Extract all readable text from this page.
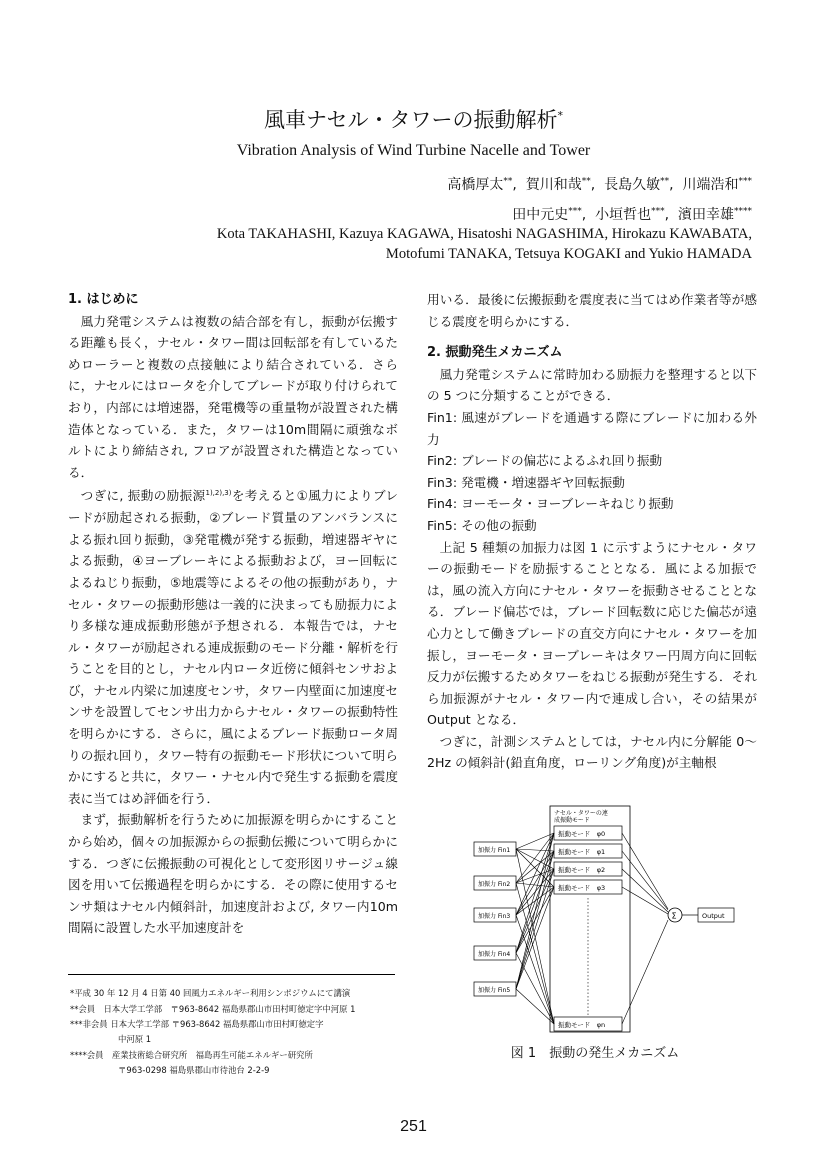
風車ナセル・タワーの振動解析*
Vibration Analysis of Wind Turbine Nacelle and Tower
高橋厚太**,  賀川和哉**,  長島久敏**,  川端浩和***
田中元史***,  小垣哲也***,  濱田幸雄****
Kota TAKAHASHI, Kazuya KAGAWA, Hisatoshi NAGASHIMA, Hirokazu KAWABATA,
Motofumi TANAKA, Tetsuya KOGAKI and Yukio HAMADA
1. はじめに

風力発電システムは複数の結合部を有し，振動が伝搬する距離も長く，ナセル・タワー間は回転部を有しているためローラーと複数の点接触により結合されている．さらに，ナセルにはロータを介してブレードが取り付けられており，内部には増速器，発電機等の重量物が設置された構造体となっている．また，タワーは10m間隔に頑強なボルトにより締結され, フロアが設置された構造となっている．

つぎに, 振動の励振源$^{1),2),3)}$を考えると①風力によりブレードが励起される振動，②ブレード質量のアンバランスによる振れ回り振動，③発電機が発する振動，増速器ギヤによる振動，④ヨーブレーキによる振動および，ヨー回転によるねじり振動，⑤地震等によるその他の振動があり，ナセル・タワーの振動形態は一義的に決まっても励振力により多様な連成振動形態が予想される．本報告では，ナセル・タワーが励起される連成振動のモード分離・解析を行うことを目的とし，ナセル内ロータ近傍に傾斜センサおよび，ナセル内梁に加速度センサ，タワー内壁面に加速度センサを設置してセンサ出力からナセル・タワーの振動特性を明らかにする．さらに，風によるブレード振動ロータ周りの振れ回り，タワー特有の振動モード形状について明らかにすると共に，タワー・ナセル内で発生する振動を震度表に当てはめ評価を行う．

まず，振動解析を行うために加振源を明らかにすることから始め，個々の加振源からの振動伝搬について明らかにする．つぎに伝搬振動の可視化として変形図リサージュ線図を用いて伝搬過程を明らかにする．その際に使用するセンサ類はナセル内傾斜計，加速度計および, タワー内10m間隔に設置した水平加速度計を

*平成 30 年 12 月 4 日第 40 回風力エネルギー利用シンポジウムにて講演
**会員　日本大学工学部　〒963-8642 福島県郡山市田村町徳定字中河原 1
***非会員 日本大学工学部 〒963-8642 福島県郡山市田村町徳定字
中河原 1
****会員　産業技術総合研究所　福島再生可能エネルギー研究所
〒963-0298 福島県郡山市待池台 2-2-9

用いる．最後に伝搬振動を震度表に当てはめ作業者等が感じる震度を明らかにする．

2. 振動発生メカニズム

風力発電システムに常時加わる励振力を整理すると以下の 5 つに分類することができる．

Fin1: 風速がブレードを通過する際にブレードに加わる外力

Fin2: ブレードの偏芯によるふれ回り振動

Fin3: 発電機・増速器ギヤ回転振動

Fin4: ヨーモータ・ヨーブレーキねじり振動

Fin5: その他の振動

上記 5 種類の加振力は図 1 に示すようにナセル・タワーの振動モードを励振することとなる．風による加振では，風の流入方向にナセル・タワーを振動させることとなる．ブレード偏芯では，ブレード回転数に応じた偏芯が遠心力として働きブレードの直交方向にナセル・タワーを加振し，ヨーモータ・ヨーブレーキはタワー円周方向に回転反力が伝搬するためタワーをねじる振動が発生する．それら加振源がナセル・タワー内で連成し合い，その結果が Output となる．

つぎに，計測システムとしては，ナセル内に分解能 0～2Hz の傾斜計(鉛直角度，ローリング角度)が主軸根

ナセル・タワーの連
成振動モード
振動モード　φ0
振動モード　φ1
振動モード　φ2
振動モード　φ3
振動モード　φn
加振力 Fin1
加振力 Fin2
加振力 Fin3
加振力 Fin4
加振力 Fin5
Σ	Output
図 1　振動の発生メカニズム
251
